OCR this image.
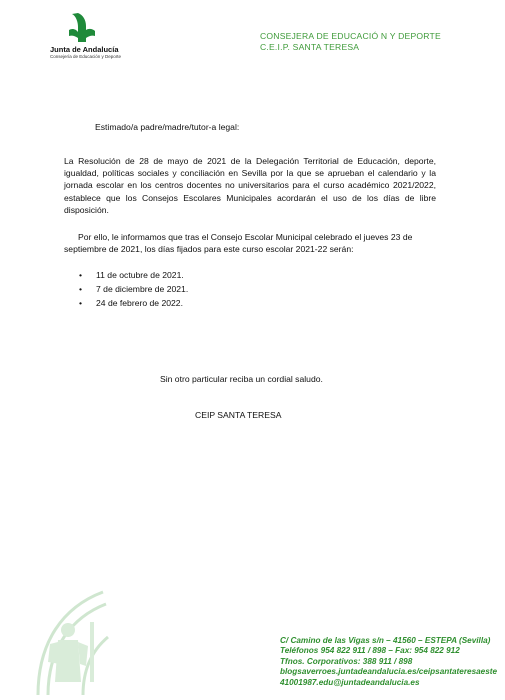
Junta de Andalucía
Consejería de Educación y Deporte
CONSEJERA DE EDUCACIÓ N Y DEPORTE
C.E.I.P. SANTA TERESA
Estimado/a padre/madre/tutor-a legal:
La Resolución de 28 de mayo de 2021 de la Delegación Territorial de Educación, deporte, igualdad, políticas sociales y conciliación en Sevilla por la que se aprueban el calendario y la jornada escolar en los centros docentes no universitarios para el curso académico 2021/2022, establece que los Consejos Escolares Municipales acordarán el uso de los días de libre disposición.
Por ello, le informamos que tras el Consejo Escolar Municipal celebrado el jueves 23 de septiembre de 2021, los días fijados para este curso escolar 2021-22 serán:
• 11 de octubre de 2021.
• 7 de diciembre de 2021.
• 24 de febrero de 2022.
Sin otro particular reciba un cordial saludo.
CEIP SANTA TERESA
C/ Camino de las Vigas s/n – 41560 – ESTEPA (Sevilla)
Teléfonos 954 822 911 / 898 – Fax: 954 822 912
Tfnos. Corporativos: 388 911 / 898
blogsaverroes.juntadeandalucia.es/ceipsantateresaeste
41001987.edu@juntadeandalucia.es
